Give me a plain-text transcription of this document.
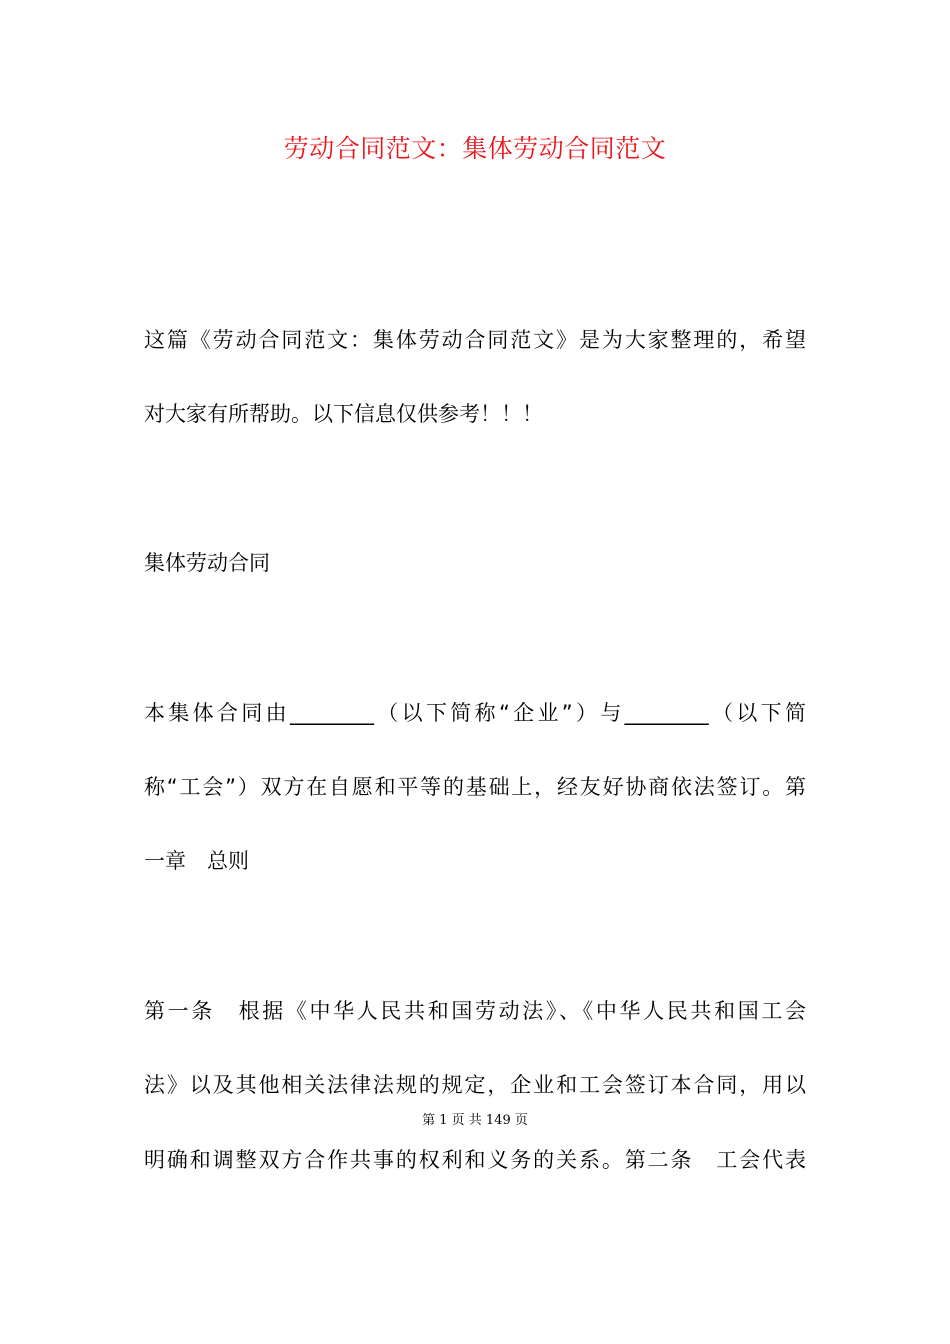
劳动合同范文：集体劳动合同范文
这篇《劳动合同范文：集体劳动合同范文》是为大家整理的，希望
对大家有所帮助。以下信息仅供参考！！！
集体劳动合同
本集体合同由________（以下简称“企业”）与________（以下简
称“工会”）双方在自愿和平等的基础上，经友好协商依法签订。第
一章　总则
第一条　根据《中华人民共和国劳动法》、《中华人民共和国工会
法》以及其他相关法律法规的规定，企业和工会签订本合同，用以
第 1 页 共 149 页
明确和调整双方合作共事的权利和义务的关系。第二条　工会代表
